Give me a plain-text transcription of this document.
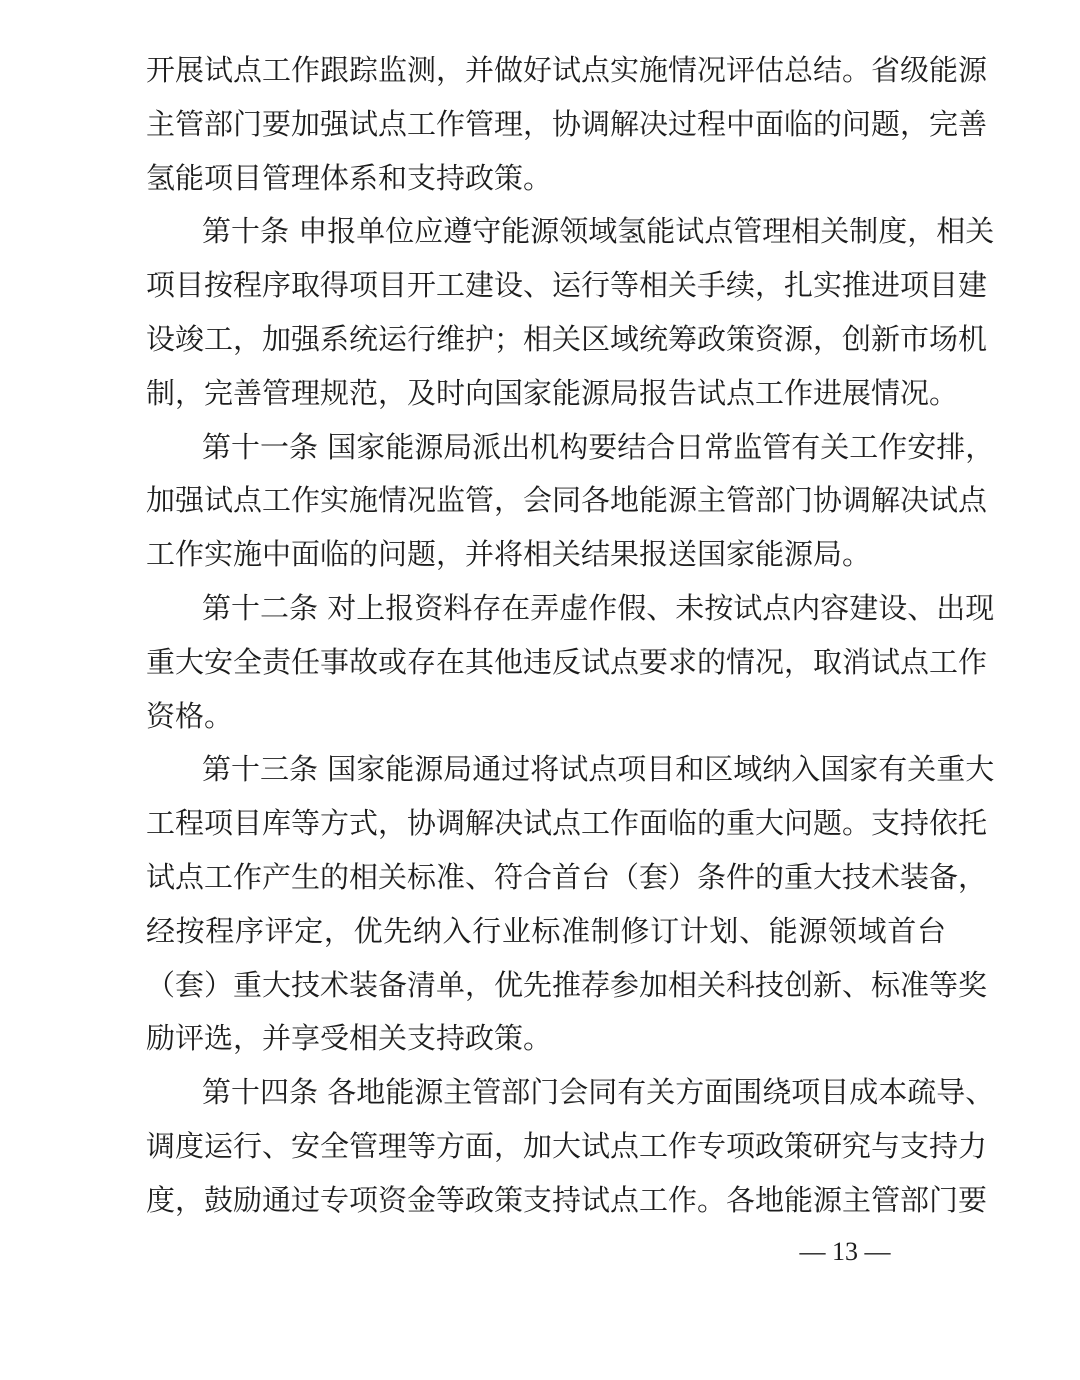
开展试点工作跟踪监测，并做好试点实施情况评估总结。省级能源
主管部门要加强试点工作管理，协调解决过程中面临的问题，完善
氢能项目管理体系和支持政策。
第十条 申报单位应遵守能源领域氢能试点管理相关制度，相关
项目按程序取得项目开工建设、运行等相关手续，扎实推进项目建
设竣工，加强系统运行维护；相关区域统筹政策资源，创新市场机
制，完善管理规范，及时向国家能源局报告试点工作进展情况。
第十一条 国家能源局派出机构要结合日常监管有关工作安排，
加强试点工作实施情况监管，会同各地能源主管部门协调解决试点
工作实施中面临的问题，并将相关结果报送国家能源局。
第十二条 对上报资料存在弄虚作假、未按试点内容建设、出现
重大安全责任事故或存在其他违反试点要求的情况，取消试点工作
资格。
第十三条 国家能源局通过将试点项目和区域纳入国家有关重大
工程项目库等方式，协调解决试点工作面临的重大问题。支持依托
试点工作产生的相关标准、符合首台（套）条件的重大技术装备，
经按程序评定，优先纳入行业标准制修订计划、能源领域首台
（套）重大技术装备清单，优先推荐参加相关科技创新、标准等奖
励评选，并享受相关支持政策。
第十四条 各地能源主管部门会同有关方面围绕项目成本疏导、
调度运行、安全管理等方面，加大试点工作专项政策研究与支持力
度，鼓励通过专项资金等政策支持试点工作。各地能源主管部门要
— 13 —
